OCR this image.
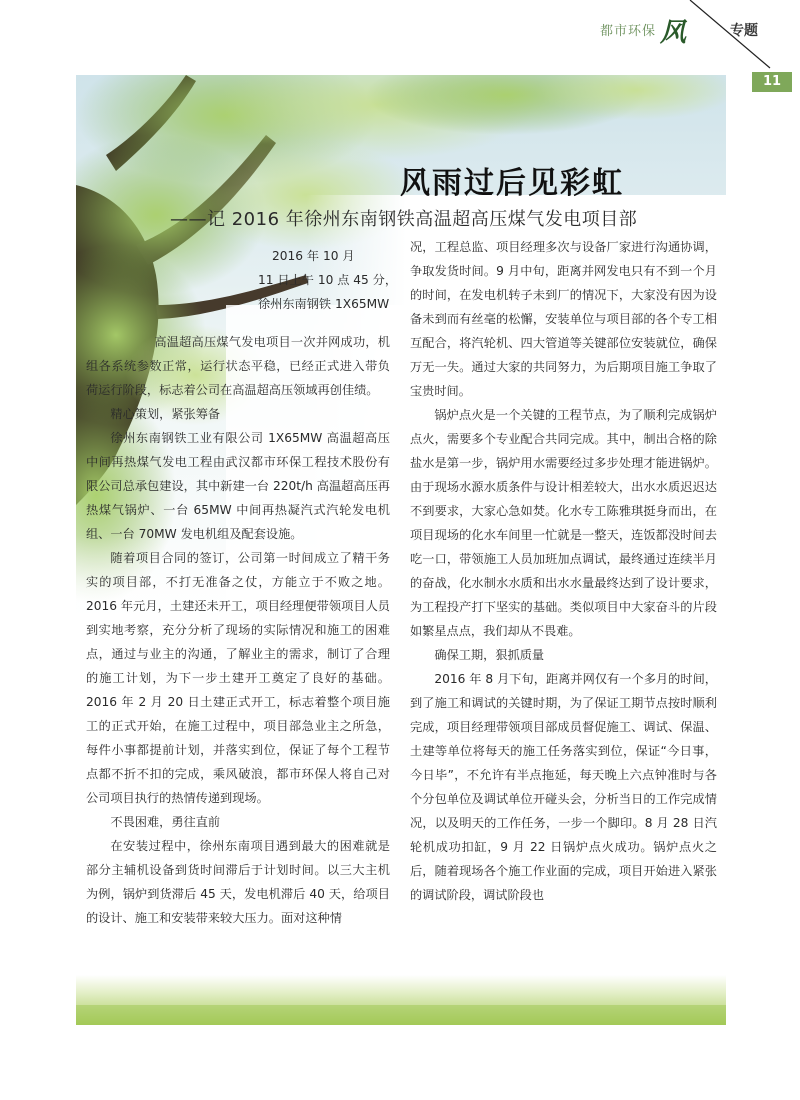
都市环保 风	专题
11
风雨过后见彩虹
——记 2016 年徐州东南钢铁高温超高压煤气发电项目部
2016 年 10 月
11 日上午 10 点 45 分，
徐州东南钢铁 1X65MW

高温超高压煤气发电项目一次并网成功，机组各系统参数正常，运行状态平稳，已经正式进入带负荷运行阶段，标志着公司在高温超高压领域再创佳绩。

精心策划，紧张筹备

徐州东南钢铁工业有限公司 1X65MW 高温超高压中间再热煤气发电工程由武汉都市环保工程技术股份有限公司总承包建设，其中新建一台 220t/h 高温超高压再热煤气锅炉、一台 65MW 中间再热凝汽式汽轮发电机组、一台 70MW 发电机组及配套设施。

随着项目合同的签订，公司第一时间成立了精干务实的项目部，不打无准备之仗，方能立于不败之地。2016 年元月，土建还未开工，项目经理便带领项目人员到实地考察，充分分析了现场的实际情况和施工的困难点，通过与业主的沟通，了解业主的需求，制订了合理的施工计划，为下一步土建开工奠定了良好的基础。2016 年 2 月 20 日土建正式开工，标志着整个项目施工的正式开始，在施工过程中，项目部急业主之所急，每件小事都提前计划，并落实到位，保证了每个工程节点都不折不扣的完成，乘风破浪，都市环保人将自己对公司项目执行的热情传递到现场。

不畏困难，勇往直前

在安装过程中，徐州东南项目遇到最大的困难就是部分主辅机设备到货时间滞后于计划时间。以三大主机为例，锅炉到货滞后 45 天，发电机滞后 40 天，给项目的设计、施工和安装带来较大压力。面对这种情

况，工程总监、项目经理多次与设备厂家进行沟通协调，争取发货时间。9 月中旬，距离并网发电只有不到一个月的时间，在发电机转子未到厂的情况下，大家没有因为设备未到而有丝毫的松懈，安装单位与项目部的各个专工相互配合，将汽轮机、四大管道等关键部位安装就位，确保万无一失。通过大家的共同努力，为后期项目施工争取了宝贵时间。

锅炉点火是一个关键的工程节点，为了顺利完成锅炉点火，需要多个专业配合共同完成。其中，制出合格的除盐水是第一步，锅炉用水需要经过多步处理才能进锅炉。由于现场水源水质条件与设计相差较大，出水水质迟迟达不到要求，大家心急如焚。化水专工陈雅琪挺身而出，在项目现场的化水车间里一忙就是一整天，连饭都没时间去吃一口，带领施工人员加班加点调试，最终通过连续半月的奋战，化水制水水质和出水水量最终达到了设计要求，为工程投产打下坚实的基础。类似项目中大家奋斗的片段如繁星点点，我们却从不畏难。

确保工期，狠抓质量

2016 年 8 月下旬，距离并网仅有一个多月的时间，到了施工和调试的关键时期，为了保证工期节点按时顺利完成，项目经理带领项目部成员督促施工、调试、保温、土建等单位将每天的施工任务落实到位，保证“今日事，今日毕”，不允许有半点拖延，每天晚上六点钟准时与各个分包单位及调试单位开碰头会，分析当日的工作完成情况，以及明天的工作任务，一步一个脚印。8 月 28 日汽轮机成功扣缸，9 月 22 日锅炉点火成功。锅炉点火之后，随着现场各个施工作业面的完成，项目开始进入紧张的调试阶段，调试阶段也
